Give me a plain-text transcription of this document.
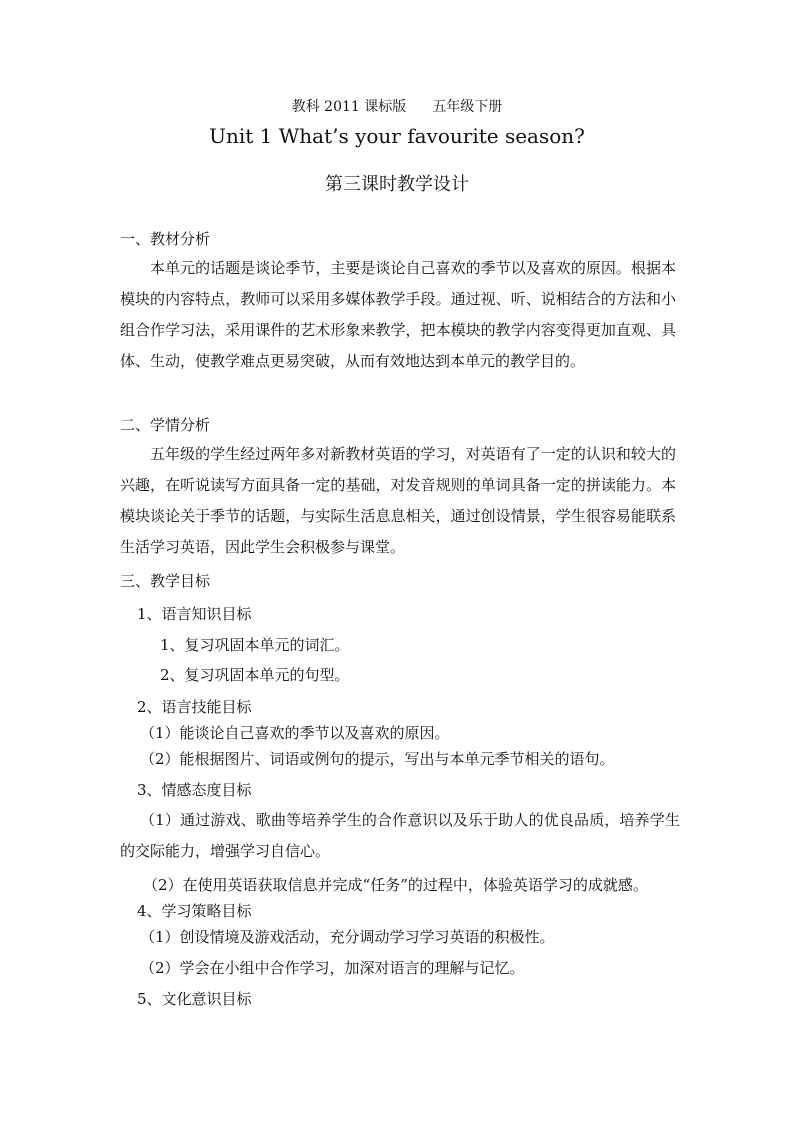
教科 2011 课标版 五年级下册
Unit 1 What’s your favourite season?
第三课时教学设计
一、教材分析
本单元的话题是谈论季节，主要是谈论自己喜欢的季节以及喜欢的原因。根据本模块的内容特点，教师可以采用多媒体教学手段。通过视、听、说相结合的方法和小组合作学习法，采用课件的艺术形象来教学，把本模块的教学内容变得更加直观、具体、生动，使教学难点更易突破，从而有效地达到本单元的教学目的。
二、学情分析
五年级的学生经过两年多对新教材英语的学习，对英语有了一定的认识和较大的兴趣，在听说读写方面具备一定的基础，对发音规则的单词具备一定的拼读能力。本模块谈论关于季节的话题，与实际生活息息相关，通过创设情景，学生很容易能联系生活学习英语，因此学生会积极参与课堂。
三、教学目标
1、语言知识目标
1、复习巩固本单元的词汇。
2、复习巩固本单元的句型。
2、语言技能目标
（1）能谈论自己喜欢的季节以及喜欢的原因。
（2）能根据图片、词语或例句的提示，写出与本单元季节相关的语句。
3、情感态度目标
（1）通过游戏、歌曲等培养学生的合作意识以及乐于助人的优良品质，培养学生的交际能力，增强学习自信心。
（2）在使用英语获取信息并完成“任务”的过程中，体验英语学习的成就感。
4、学习策略目标
（1）创设情境及游戏活动，充分调动学习学习英语的积极性。
（2）学会在小组中合作学习，加深对语言的理解与记忆。
5、文化意识目标
